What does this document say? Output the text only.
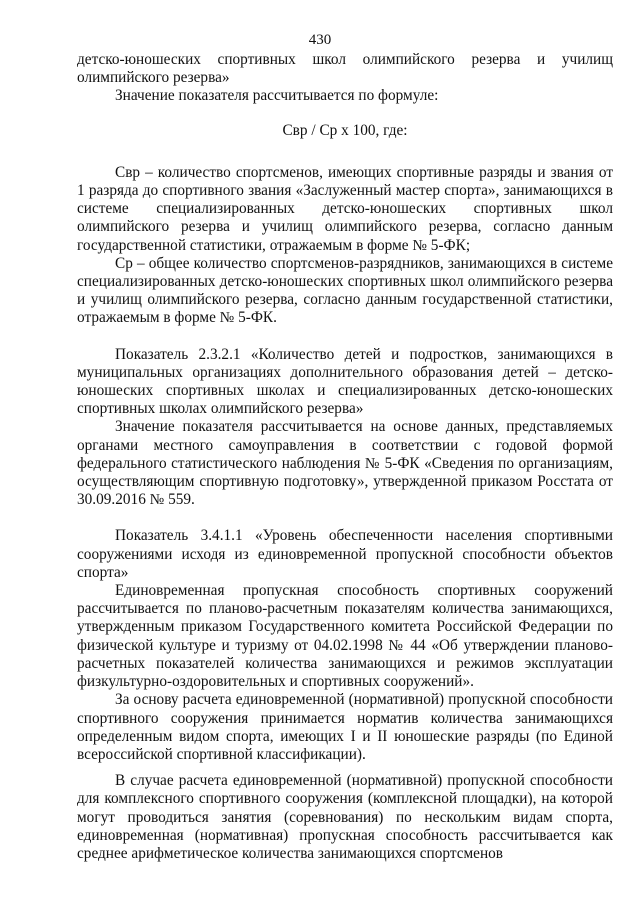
430

детско-юношеских спортивных школ олимпийского резерва и училищ олимпийского резерва»

Значение показателя рассчитывается по формуле:

Свр / Ср x 100, где:

Свр – количество спортсменов, имеющих спортивные разряды и звания от 1 разряда до спортивного звания «Заслуженный мастер спорта», занимающихся в системе специализированных детско-юношеских спортивных школ олимпийского резерва и училищ олимпийского резерва, согласно данным государственной статистики, отражаемым в форме № 5-ФК;

Ср – общее количество спортсменов-разрядников, занимающихся в системе специализированных детско-юношеских спортивных школ олимпийского резерва и училищ олимпийского резерва, согласно данным государственной статистики, отражаемым в форме № 5-ФК.

Показатель 2.3.2.1 «Количество детей и подростков, занимающихся в муниципальных организациях дополнительного образования детей – детско-юношеских спортивных школах и специализированных детско-юношеских спортивных школах олимпийского резерва»

Значение показателя рассчитывается на основе данных, представляемых органами местного самоуправления в соответствии с годовой формой федерального статистического наблюдения № 5-ФК «Сведения по организациям, осуществляющим спортивную подготовку», утвержденной приказом Росстата от 30.09.2016 № 559.

Показатель 3.4.1.1 «Уровень обеспеченности населения спортивными сооружениями исходя из единовременной пропускной способности объектов спорта»

Единовременная пропускная способность спортивных сооружений рассчитывается по планово-расчетным показателям количества занимающихся, утвержденным приказом Государственного комитета Российской Федерации по физической культуре и туризму от 04.02.1998 № 44 «Об утверждении планово-расчетных показателей количества занимающихся и режимов эксплуатации физкультурно-оздоровительных и спортивных сооружений».

За основу расчета единовременной (нормативной) пропускной способности спортивного сооружения принимается норматив количества занимающихся определенным видом спорта, имеющих I и II юношеские разряды (по Единой всероссийской спортивной классификации).

В случае расчета единовременной (нормативной) пропускной способности для комплексного спортивного сооружения (комплексной площадки), на которой могут проводиться занятия (соревнования) по нескольким видам спорта, единовременная (нормативная) пропускная способность рассчитывается как среднее арифметическое количества занимающихся спортсменов
